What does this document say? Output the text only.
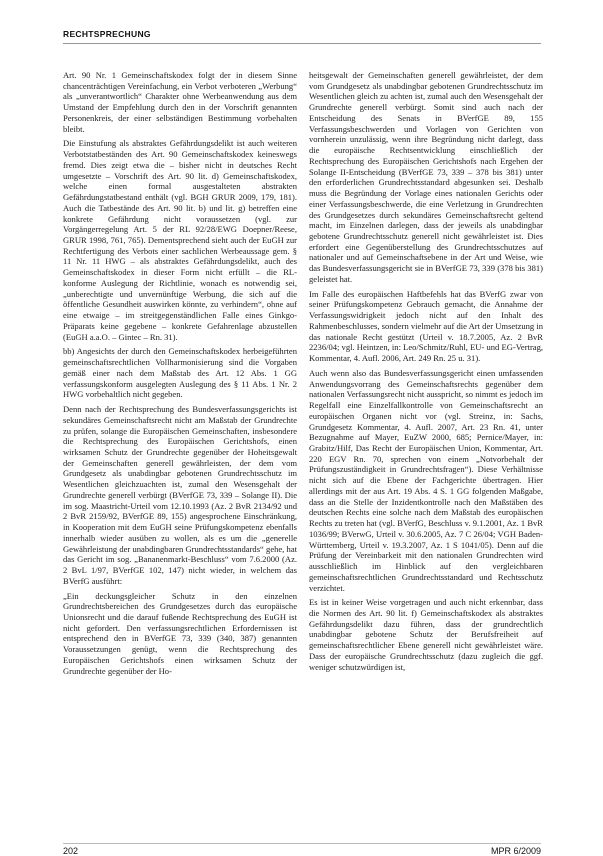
RECHTSPRECHUNG

Art. 90 Nr. 1 Gemeinschaftskodex folgt der in diesem Sinne chancenträchtigen Vereinfachung, ein Verbot verboteren „Werbung“ als „unverantwortlich“ Charakter ohne Werbeanwendung aus dem Umstand der Empfehlung durch den in der Vorschrift genannten Personenkreis, der einer selbständigen Bestimmung vorbehalten bleibt.

Die Einstufung als abstraktes Gefährdungsdelikt ist auch weiteren Verbotstatbeständen des Art. 90 Gemeinschaftskodex keineswegs fremd. Dies zeigt etwa die – bisher nicht in deutsches Recht umgesetzte – Vorschrift des Art. 90 lit. d) Gemeinschaftskodex, welche einen formal ausgestalteten abstrakten Gefährdungstatbestand enthält (vgl. BGH GRUR 2009, 179, 181). Auch die Tatbestände des Art. 90 lit. b) und lit. g) betreffen eine konkrete Gefährdung nicht voraussetzen (vgl. zur Vorgängerregelung Art. 5 der RL 92/28/EWG Doepner/Reese, GRUR 1998, 761, 765). Dementsprechend sieht auch der EuGH zur Rechtfertigung des Verbots einer sachlichen Werbeaussage gem. § 11 Nr. 11 HWG – als abstraktes Gefährdungsdelikt, auch des Gemeinschaftskodex in dieser Form nicht erfüllt – die RL-konforme Auslegung der Richtlinie, wonach es notwendig sei, „unberechtigte und unvernünftige Werbung, die sich auf die öffentliche Gesundheit auswirken könnte, zu verhindern“, ohne auf eine etwaige – im streitgegenständlichen Falle eines Ginkgo-Präparats keine gegebene – konkrete Gefahrenlage abzustellen (EuGH a.a.O. – Gintec – Rn. 31).

bb) Angesichts der durch den Gemeinschaftskodex herbeigeführten gemeinschaftsrechtlichen Vollharmonisierung sind die Vorgaben gemäß einer nach dem Maßstab des Art. 12 Abs. 1 GG verfassungskonform ausgelegten Auslegung des § 11 Abs. 1 Nr. 2 HWG vorbehaltlich nicht gegeben.

Denn nach der Rechtsprechung des Bundesverfassungsgerichts ist sekundäres Gemeinschaftsrecht nicht am Maßstab der Grundrechte zu prüfen, solange die Europäischen Gemeinschaften, insbesondere die Rechtsprechung des Europäischen Gerichtshofs, einen wirksamen Schutz der Grundrechte gegenüber der Hoheitsgewalt der Gemeinschaften generell gewährleisten, der dem vom Grundgesetz als unabdingbar gebotenen Grundrechtsschutz im Wesentlichen gleichzuachten ist, zumal den Wesensgehalt der Grundrechte generell verbürgt (BVerfGE 73, 339 – Solange II). Die im sog. Maastricht-Urteil vom 12.10.1993 (Az. 2 BvR 2134/92 und 2 BvR 2159/92, BVerfGE 89, 155) angesprochene Einschränkung, in Kooperation mit dem EuGH seine Prüfungskompetenz ebenfalls innerhalb wieder ausüben zu wollen, als es um die „generelle Gewährleistung der unabdingbaren Grundrechtsstandards“ gehe, hat das Gericht im sog. „Bananenmarkt-Beschluss“ vom 7.6.2000 (Az. 2 BvL 1/97, BVerfGE 102, 147) nicht wieder, in welchem das BVerfG ausführt:

„Ein deckungsgleicher Schutz in den einzelnen Grundrechtsbereichen des Grundgesetzes durch das europäische Unionsrecht und die darauf fußende Rechtsprechung des EuGH ist nicht gefordert. Den verfassungsrechtlichen Erfordernissen ist entsprechend den in BVerfGE 73, 339 (340, 387) genannten Voraussetzungen genügt, wenn die Rechtsprechung des Europäischen Gerichtshofs einen wirksamen Schutz der Grundrechte gegenüber der Ho-

heitsgewalt der Gemeinschaften generell gewährleistet, der dem vom Grundgesetz als unabdingbar gebotenen Grundrechtsschutz im Wesentlichen gleich zu achten ist, zumal auch den Wesensgehalt der Grundrechte generell verbürgt. Somit sind auch nach der Entscheidung des Senats in BVerfGE 89, 155 Verfassungsbeschwerden und Vorlagen von Gerichten von vornherein unzulässig, wenn ihre Begründung nicht darlegt, dass die europäische Rechtsentwicklung einschließlich der Rechtsprechung des Europäischen Gerichtshofs nach Ergehen der Solange II-Entscheidung (BVerfGE 73, 339 – 378 bis 381) unter den erforderlichen Grundrechtsstandard abgesunken sei. Deshalb muss die Begründung der Vorlage eines nationalen Gerichts oder einer Verfassungsbeschwerde, die eine Verletzung in Grundrechten des Grundgesetzes durch sekundäres Gemeinschaftsrecht geltend macht, im Einzelnen darlegen, dass der jeweils als unabdingbar gebotene Grundrechtsschutz generell nicht gewährleistet ist. Dies erfordert eine Gegenüberstellung des Grundrechtsschutzes auf nationaler und auf Gemeinschaftsebene in der Art und Weise, wie das Bundesverfassungsgericht sie in BVerfGE 73, 339 (378 bis 381) geleistet hat.

Im Falle des europäischen Haftbefehls hat das BVerfG zwar von seiner Prüfungskompetenz Gebrauch gemacht, die Annahme der Verfassungswidrigkeit jedoch nicht auf den Inhalt des Rahmenbeschlusses, sondern vielmehr auf die Art der Umsetzung in das nationale Recht gestützt (Urteil v. 18.7.2005, Az. 2 BvR 2236/04; vgl. Heintzen, in: Leo/Schmitz/Ruhl, EU- und EG-Vertrag, Kommentar, 4. Aufl. 2006, Art. 249 Rn. 25 u. 31).

Auch wenn also das Bundesverfassungsgericht einen umfassenden Anwendungsvorrang des Gemeinschaftsrechts gegenüber dem nationalen Verfassungsrecht nicht ausspricht, so nimmt es jedoch im Regelfall eine Einzelfallkontrolle von Gemeinschaftsrecht an europäischen Organen nicht vor (vgl. Streinz, in: Sachs, Grundgesetz Kommentar, 4. Aufl. 2007, Art. 23 Rn. 41, unter Bezugnahme auf Mayer, EuZW 2000, 685; Pernice/Mayer, in: Grabitz/Hilf, Das Recht der Europäischen Union, Kommentar, Art. 220 EGV Rn. 70, sprechen von einem „Notvorbehalt der Prüfungszuständigkeit in Grundrechtsfragen“). Diese Verhältnisse nicht sich auf die Ebene der Fachgerichte übertragen. Hier allerdings mit der aus Art. 19 Abs. 4 S. 1 GG folgenden Maßgabe, dass an die Stelle der Inzidentkontrolle nach den Maßstäben des deutschen Rechts eine solche nach dem Maßstab des europäischen Rechts zu treten hat (vgl. BVerfG, Beschluss v. 9.1.2001, Az. 1 BvR 1036/99; BVerwG, Urteil v. 30.6.2005, Az. 7 C 26/04; VGH Baden-Württemberg, Urteil v. 19.3.2007, Az. 1 S 1041/05). Denn auf die Prüfung der Vereinbarkeit mit den nationalen Grundrechten wird ausschließlich im Hinblick auf den vergleichbaren gemeinschaftsrechtlichen Grundrechtsstandard und Rechtsschutz verzichtet.

Es ist in keiner Weise vorgetragen und auch nicht erkennbar, dass die Normen des Art. 90 lit. f) Gemeinschaftskodex als abstraktes Gefährdungsdelikt dazu führen, dass der grundrechtlich unabdingbar gebotene Schutz der Berufsfreiheit auf gemeinschaftsrechtlicher Ebene generell nicht gewährleistet wäre. Dass der europäische Grundrechtsschutz (dazu zugleich die ggf. weniger schutzwürdigen ist,

202	MPR 6/2009
